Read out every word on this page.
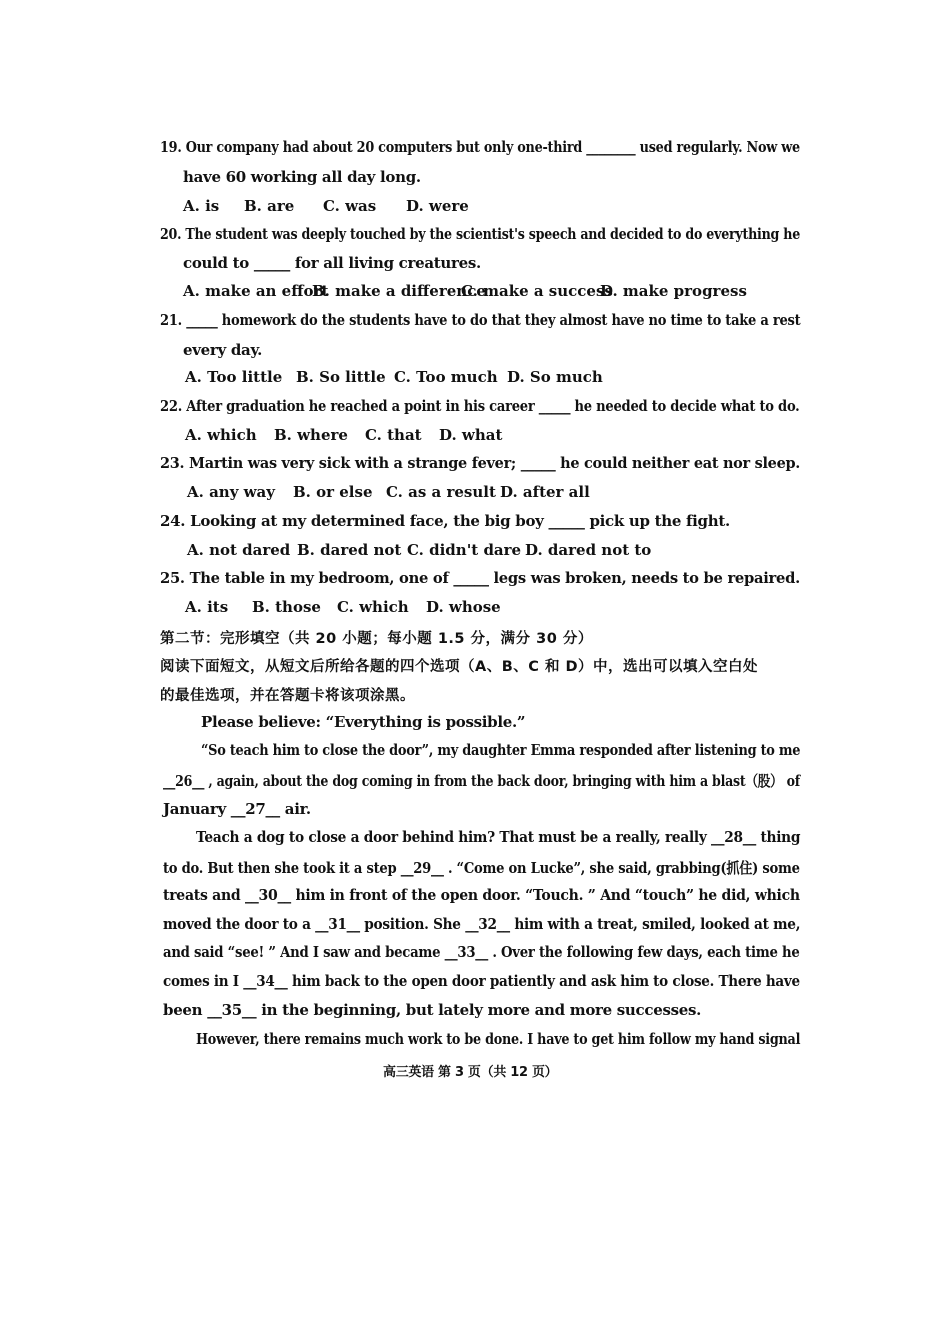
19. Our company had about 20 computers but only one-third ________ used regularly. Now we
have 60 working all day long.
A. is B. are C. was D. were
20. The student was deeply touched by the scientist's speech and decided to do everything he
could to _____ for all living creatures.
A. make an effort
B. make a difference
C. make a success
D. make progress
21. _____ homework do the students have to do that they almost have no time to take a rest
every day.
A. Too little B. So little C. Too much D. So much
22. After graduation he reached a point in his career _____ he needed to decide what to do.
A. which B. where C. that D. what
23. Martin was very sick with a strange fever; _____ he could neither eat nor sleep.
A. any way B. or else C. as a result D. after all
24. Looking at my determined face, the big boy _____ pick up the fight.
A. not dared B. dared not C. didn't dare D. dared not to
25. The table in my bedroom, one of _____ legs was broken, needs to be repaired.
A. its B. those C. which D. whose
第二节：完形填空（共 20 小题；每小题 1.5 分，满分 30 分）
阅读下面短文，从短文后所给各题的四个选项（A、B、C 和 D）中，选出可以填入空白处
的最佳选项，并在答题卡将该项涂黑。
Please believe: “Everything is possible.”
“So teach him to close the door”, my daughter Emma responded after listening to me
__26__ , again, about the dog coming in from the back door, bringing with him a blast（股） of
January __27__ air.
Teach a dog to close a door behind him? That must be a really, really __28__ thing
to do. But then she took it a step __29__ . “Come on Lucke”, she said, grabbing(抓住) some
treats and __30__ him in front of the open door. “Touch. ” And “touch” he did, which
moved the door to a __31__ position. She __32__ him with a treat, smiled, looked at me,
and said “see! ” And I saw and became __33__ . Over the following few days, each time he
comes in I __34__ him back to the open door patiently and ask him to close. There have
been __35__ in the beginning, but lately more and more successes.
However, there remains much work to be done. I have to get him follow my hand signal
高三英语 第 3 页（共 12 页）
